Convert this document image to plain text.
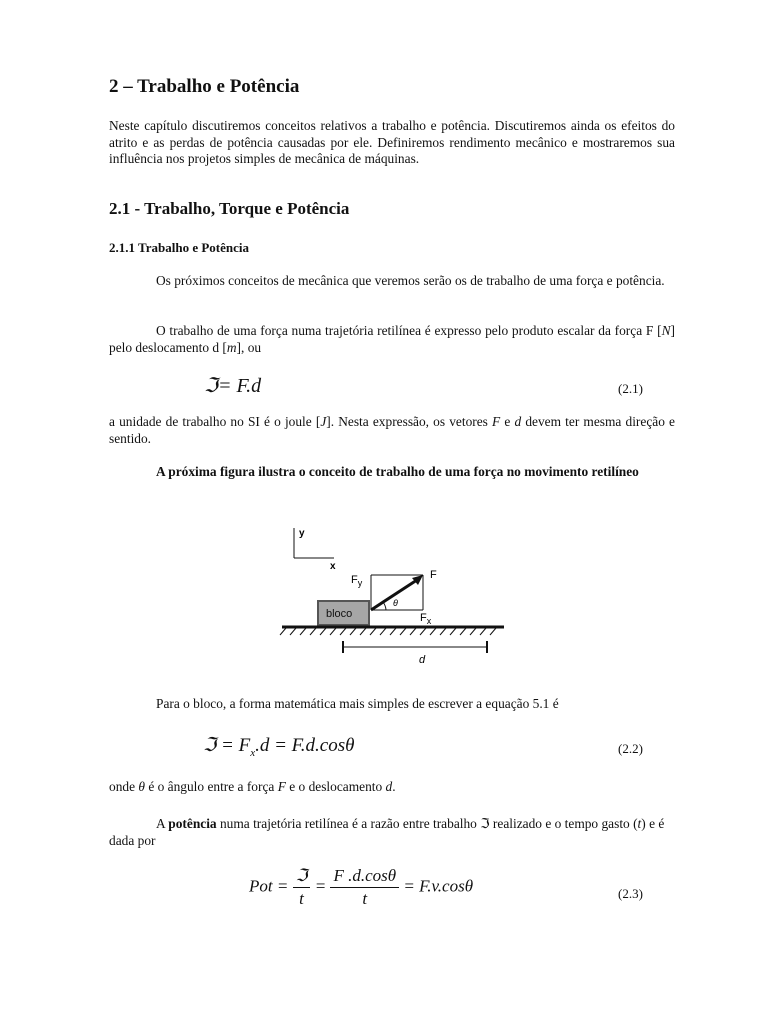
2 – Trabalho e Potência

Neste capítulo discutiremos conceitos relativos a trabalho e potência. Discutiremos ainda os efeitos do atrito e as perdas de potência causadas por ele. Definiremos rendimento mecânico e mostraremos sua influência nos projetos simples de mecânica de máquinas.

2.1 - Trabalho, Torque e Potência
2.1.1 Trabalho e Potência

Os próximos conceitos de mecânica que veremos serão os de trabalho de uma força e potência.

O trabalho de uma força numa trajetória retilínea é expresso pelo produto escalar da força F [N] pelo deslocamento d [m], ou

ℑ= F.d	(2.1)

a unidade de trabalho no SI é o joule [J]. Nesta expressão, os vetores F e d devem ter mesma direção e sentido.

A próxima figura ilustra o conceito de trabalho de uma força no movimento retilíneo

y
x
bloco
θ
$F_y$
F
$F_x$
d

Para o bloco, a forma matemática mais simples de escrever a equação 5.1 é

ℑ = $F_x.d = F.d.\cos\theta$	(2.2)

onde θ é o ângulo entre a força F e o deslocamento d.

A potência numa trajetória retilínea é a razão entre trabalho ℑ realizado e o tempo gasto (t) e é dada por

Pot = $\frac{\text{ℑ}}{t} = \frac{F .d.\cos\theta}{t} = F.v.\cos\theta$	(2.3)
